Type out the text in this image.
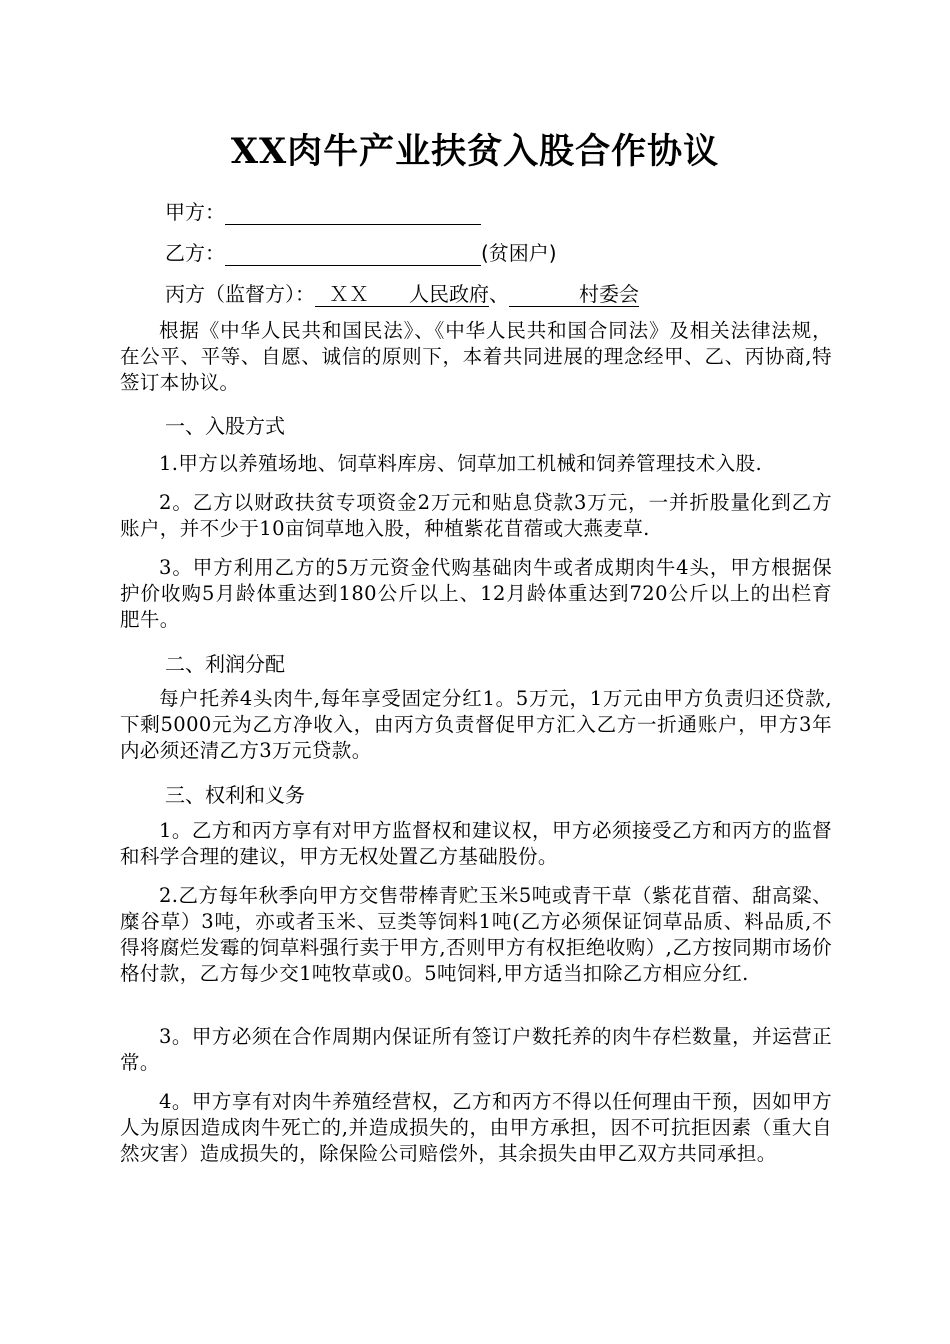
XX肉牛产业扶贫入股合作协议
甲方：
乙方：	(贫困户)
丙方（监督方）： ＸＸ　　人民政府、	村委会

根据《中华人民共和国民法》、《中华人民共和国合同法》及相关法律法规，在公平、平等、自愿、诚信的原则下，本着共同进展的理念经甲、乙、丙协商,特签订本协议。

一、入股方式

1.甲方以养殖场地、饲草料库房、饲草加工机械和饲养管理技术入股.

2。乙方以财政扶贫专项资金2万元和贴息贷款3万元，一并折股量化到乙方账户，并不少于10亩饲草地入股，种植紫花苜蓿或大燕麦草.

3。甲方利用乙方的5万元资金代购基础肉牛或者成期肉牛4头，甲方根据保护价收购5月龄体重达到180公斤以上、12月龄体重达到720公斤以上的出栏育肥牛。

二、利润分配

每户托养4头肉牛,每年享受固定分红1。5万元，1万元由甲方负责归还贷款,下剩5000元为乙方净收入，由丙方负责督促甲方汇入乙方一折通账户，甲方3年内必须还清乙方3万元贷款。

三、权利和义务

1。乙方和丙方享有对甲方监督权和建议权，甲方必须接受乙方和丙方的监督和科学合理的建议，甲方无权处置乙方基础股份。

2.乙方每年秋季向甲方交售带棒青贮玉米5吨或青干草（紫花苜蓿、甜高粱、糜谷草）3吨，亦或者玉米、豆类等饲料1吨(乙方必须保证饲草品质、料品质,不得将腐烂发霉的饲草料强行卖于甲方,否则甲方有权拒绝收购）,乙方按同期市场价格付款，乙方每少交1吨牧草或0。5吨饲料,甲方适当扣除乙方相应分红.

3。甲方必须在合作周期内保证所有签订户数托养的肉牛存栏数量，并运营正常。

4。甲方享有对肉牛养殖经营权，乙方和丙方不得以任何理由干预，因如甲方人为原因造成肉牛死亡的,并造成损失的，由甲方承担，因不可抗拒因素（重大自然灾害）造成损失的，除保险公司赔偿外，其余损失由甲乙双方共同承担。
